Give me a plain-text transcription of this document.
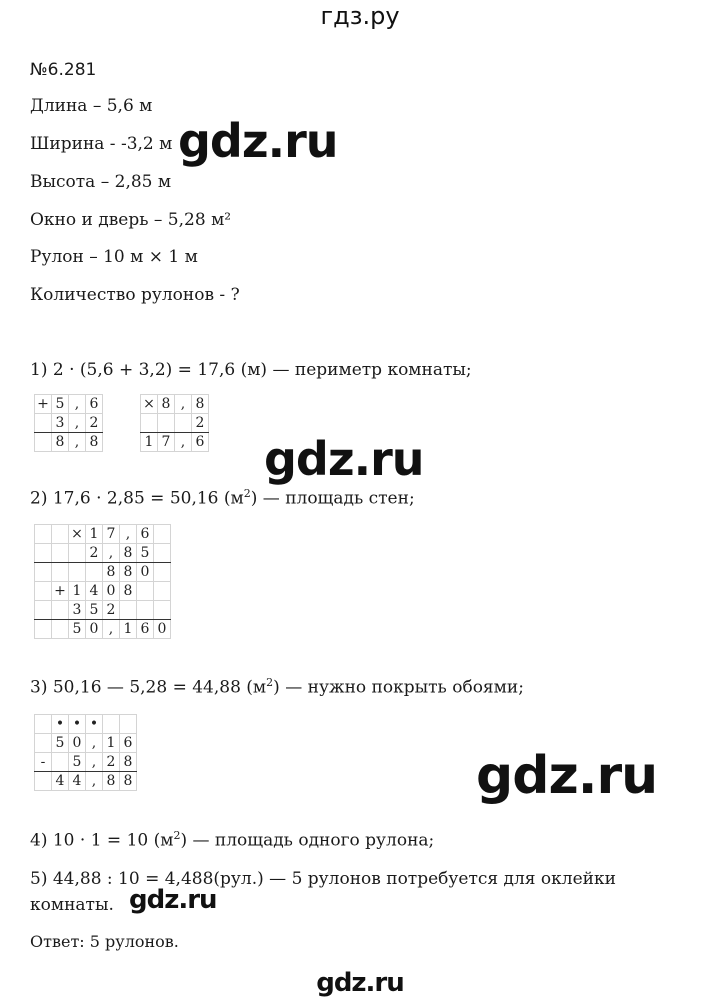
гдз.ру
№6.281
Длина – 5,6 м
Ширина - -3,2 м
Высота – 2,85 м
Окно и дверь – 5,28 м²
Рулон – 10 м × 1 м
Количество рулонов - ?
gdz.ru
1) 2 · (5,6 + 3,2) = 17,6 (м) — периметр комнаты;
+	5	,	6
	3	,	2
	8	,	8
×	8	,	8
			2
1	7	,	6 gdz.ru
2) 17,6 · 2,85 = 50,16 $(м^2)$ — площадь стен;
		×	1	7	,	6	
			2	,	8	5	
				8	8	0	
	+	1	4	0	8		
		3	5	2			
		5	0	,	1	6	0
3) 50,16 — 5,28 = 44,88 $(м^2)$ — нужно покрыть обоями;
	•	•	•		
	5	0	,	1	6
-		5	,	2	8
	4	4	,	8	8	gdz.ru
4) 10 · 1 = 10 $(м^2)$ — площадь одного рулона;
5) 44,88 : 10 = 4,488(рул.) — 5 рулонов потребуется для оклейки
комнаты. gdz.ru
Ответ: 5 рулонов.
gdz.ru
